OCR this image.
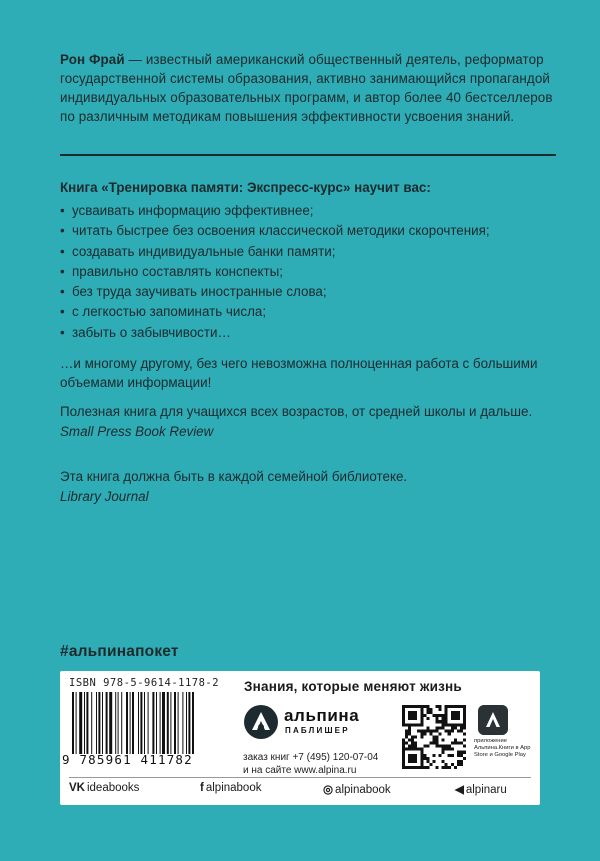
Рон Фрай — известный американский общественный деятель, реформатор государственной системы образования, активно занимающийся пропагандой индивидуальных образовательных программ, и автор более 40 бестселлеров по различным методикам повышения эффективности усвоения знаний.
Книга «Тренировка памяти: Экспресс-курс» научит вас:
• усваивать информацию эффективнее;
• читать быстрее без освоения классической методики скорочтения;
• создавать индивидуальные банки памяти;
• правильно составлять конспекты;
• без труда заучивать иностранные слова;
• с легкостью запоминать числа;
• забыть о забывчивости…
…и многому другому, без чего невозможна полноценная работа с большими объемами информации!
Полезная книга для учащихся всех возрастов, от средней школы и дальше.
Small Press Book Review
Эта книга должна быть в каждой семейной библиотеке.
Library Journal
#альпинапокет
ISBN 978-5-9614-1178-2
9 785961 411782
Знания, которые меняют жизнь
альпина
ПАБЛИШЕР
заказ книг +7 (495) 120-07-04
и на сайте www.alpina.ru
приложение Альпина.Книги в App Store и Google Play
VK ideabooks	f alpinabook	◎ alpinabook	◀ alpinaru
